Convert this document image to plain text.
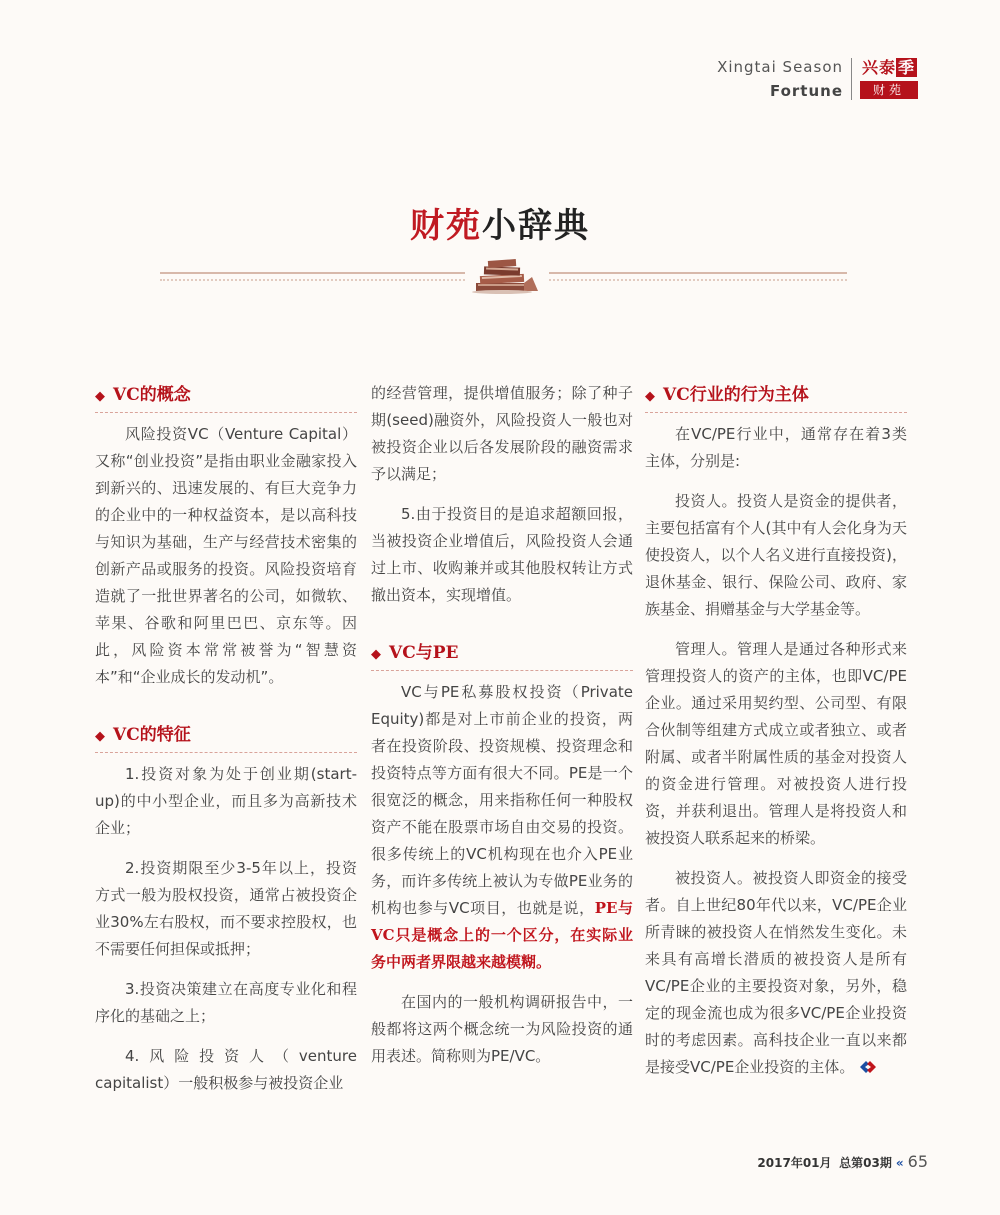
Xingtai Season
Fortune
兴泰 季
财苑
财苑小辞典
◆ VC的概念

风险投资VC（Venture Capital）又称“创业投资”是指由职业金融家投入到新兴的、迅速发展的、有巨大竞争力的企业中的一种权益资本，是以高科技与知识为基础，生产与经营技术密集的创新产品或服务的投资。风险投资培育造就了一批世界著名的公司，如微软、苹果、谷歌和阿里巴巴、京东等。因此，风险资本常常被誉为“智慧资本”和“企业成长的发动机”。

◆ VC的特征

1.投资对象为处于创业期(start-up)的中小型企业，而且多为高新技术企业；

2.投资期限至少3-5年以上，投资方式一般为股权投资，通常占被投资企业30%左右股权，而不要求控股权，也不需要任何担保或抵押；

3.投资决策建立在高度专业化和程序化的基础之上；

4.风险投资人（venture capitalist）一般积极参与被投资企业

的经营管理，提供增值服务；除了种子期(seed)融资外，风险投资人一般也对被投资企业以后各发展阶段的融资需求予以满足；

5.由于投资目的是追求超额回报，当被投资企业增值后，风险投资人会通过上市、收购兼并或其他股权转让方式撤出资本，实现增值。

◆ VC与PE

VC与PE私募股权投资（Private Equity)都是对上市前企业的投资，两者在投资阶段、投资规模、投资理念和投资特点等方面有很大不同。PE是一个很宽泛的概念，用来指称任何一种股权资产不能在股票市场自由交易的投资。很多传统上的VC机构现在也介入PE业务，而许多传统上被认为专做PE业务的机构也参与VC项目，也就是说，PE与VC只是概念上的一个区分，在实际业务中两者界限越来越模糊。

在国内的一般机构调研报告中，一般都将这两个概念统一为风险投资的通用表述。简称则为PE/VC。

◆ VC行业的行为主体

在VC/PE行业中，通常存在着3类主体，分别是:

投资人。投资人是资金的提供者，主要包括富有个人(其中有人会化身为天使投资人，以个人名义进行直接投资)，退休基金、银行、保险公司、政府、家族基金、捐赠基金与大学基金等。

管理人。管理人是通过各种形式来管理投资人的资产的主体，也即VC/PE企业。通过采用契约型、公司型、有限合伙制等组建方式成立或者独立、或者附属、或者半附属性质的基金对投资人的资金进行管理。对被投资人进行投资，并获利退出。管理人是将投资人和被投资人联系起来的桥梁。

被投资人。被投资人即资金的接受者。自上世纪80年代以来，VC/PE企业所青睐的被投资人在悄然发生变化。未来具有高增长潜质的被投资人是所有VC/PE企业的主要投资对象，另外，稳定的现金流也成为很多VC/PE企业投资时的考虑因素。高科技企业一直以来都是接受VC/PE企业投资的主体。

2017年01月 总第03期 « 65
